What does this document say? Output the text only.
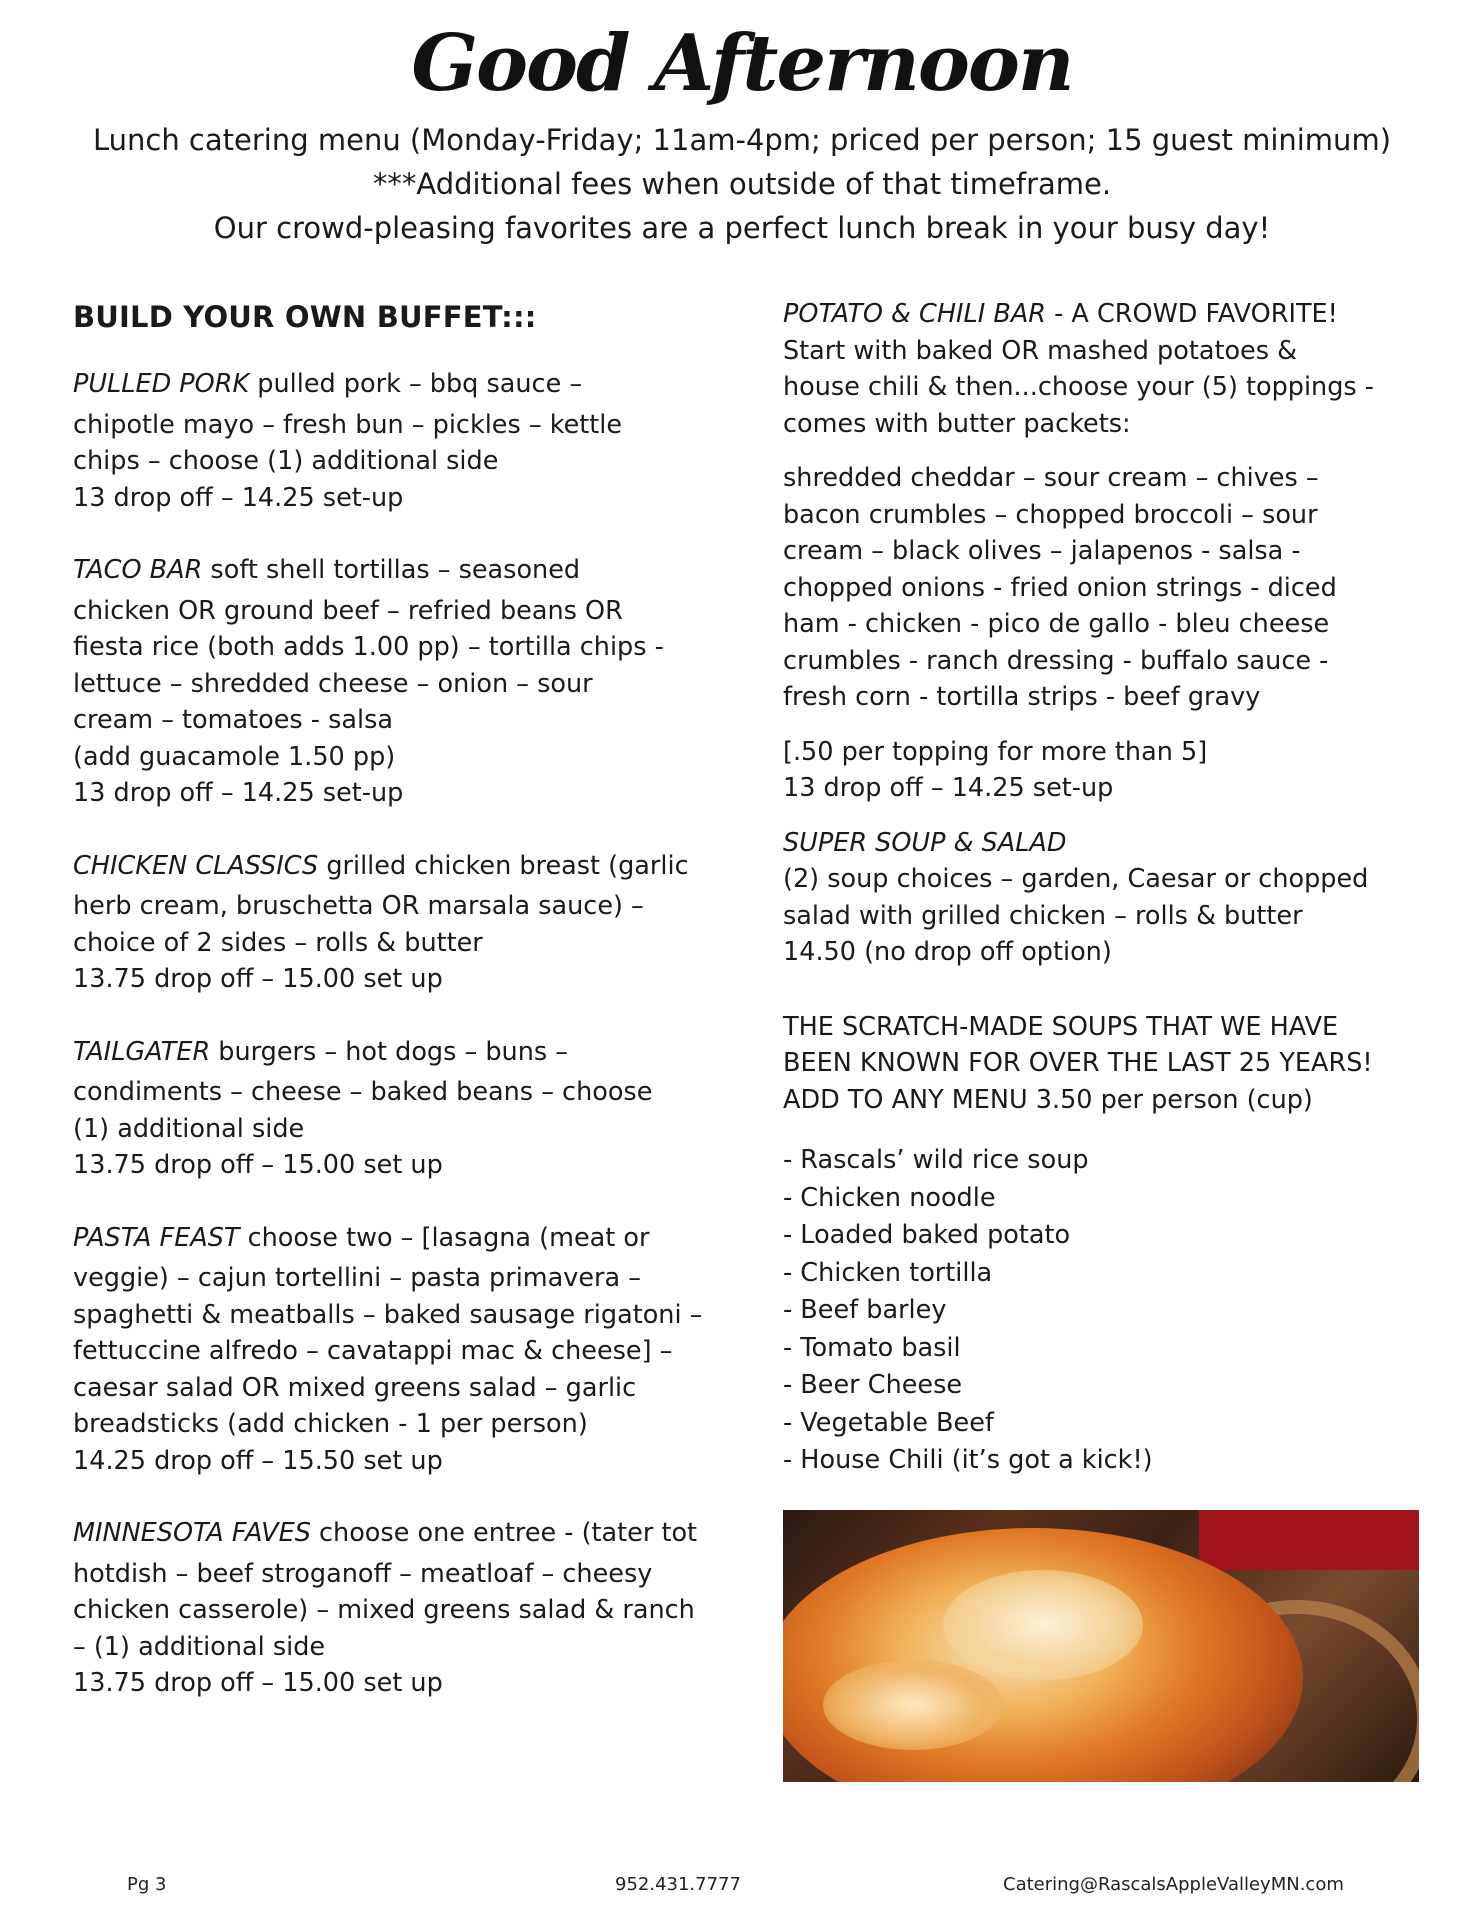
Good Afternoon
Lunch catering menu (Monday-Friday; 11am-4pm; priced per person; 15 guest minimum)
***Additional fees when outside of that timeframe.
Our crowd-pleasing favorites are a perfect lunch break in your busy day!
BUILD YOUR OWN BUFFET:::

PULLED PORK pulled pork – bbq sauce –

chipotle mayo – fresh bun – pickles – kettle

chips – choose (1) additional side

13 drop off – 14.25 set-up

TACO BAR soft shell tortillas – seasoned

chicken OR ground beef – refried beans OR

fiesta rice (both adds 1.00 pp) – tortilla chips -

lettuce – shredded cheese – onion – sour

cream – tomatoes - salsa

(add guacamole 1.50 pp)

13 drop off – 14.25 set-up

CHICKEN CLASSICS grilled chicken breast (garlic

herb cream, bruschetta OR marsala sauce) –

choice of 2 sides – rolls & butter

13.75 drop off – 15.00 set up

TAILGATER burgers – hot dogs – buns –

condiments – cheese – baked beans – choose

(1) additional side

13.75 drop off – 15.00 set up

PASTA FEAST choose two – [lasagna (meat or

veggie) – cajun tortellini – pasta primavera –

spaghetti & meatballs – baked sausage rigatoni –

fettuccine alfredo – cavatappi mac & cheese] –

caesar salad OR mixed greens salad – garlic

breadsticks (add chicken - 1 per person)

14.25 drop off – 15.50 set up

MINNESOTA FAVES choose one entree - (tater tot

hotdish – beef stroganoff – meatloaf – cheesy

chicken casserole) – mixed greens salad & ranch

– (1) additional side

13.75 drop off – 15.00 set up

POTATO & CHILI BAR - A CROWD FAVORITE!

Start with baked OR mashed potatoes &

house chili & then...choose your (5) toppings -

comes with butter packets:

shredded cheddar – sour cream – chives –

bacon crumbles – chopped broccoli – sour

cream – black olives – jalapenos - salsa -

chopped onions - fried onion strings - diced

ham - chicken - pico de gallo - bleu cheese

crumbles - ranch dressing - buffalo sauce -

fresh corn - tortilla strips - beef gravy

[.50 per topping for more than 5]

13 drop off – 14.25 set-up

SUPER SOUP & SALAD

(2) soup choices – garden, Caesar or chopped

salad with grilled chicken – rolls & butter

14.50 (no drop off option)

THE SCRATCH-MADE SOUPS THAT WE HAVE

BEEN KNOWN FOR OVER THE LAST 25 YEARS!

ADD TO ANY MENU 3.50 per person (cup)

- Rascals’ wild rice soup
- Chicken noodle
- Loaded baked potato
- Chicken tortilla
- Beef barley
- Tomato basil
- Beer Cheese
- Vegetable Beef
- House Chili (it’s got a kick!)
Pg 3	952.431.7777	Catering@RascalsAppleValleyMN.com
